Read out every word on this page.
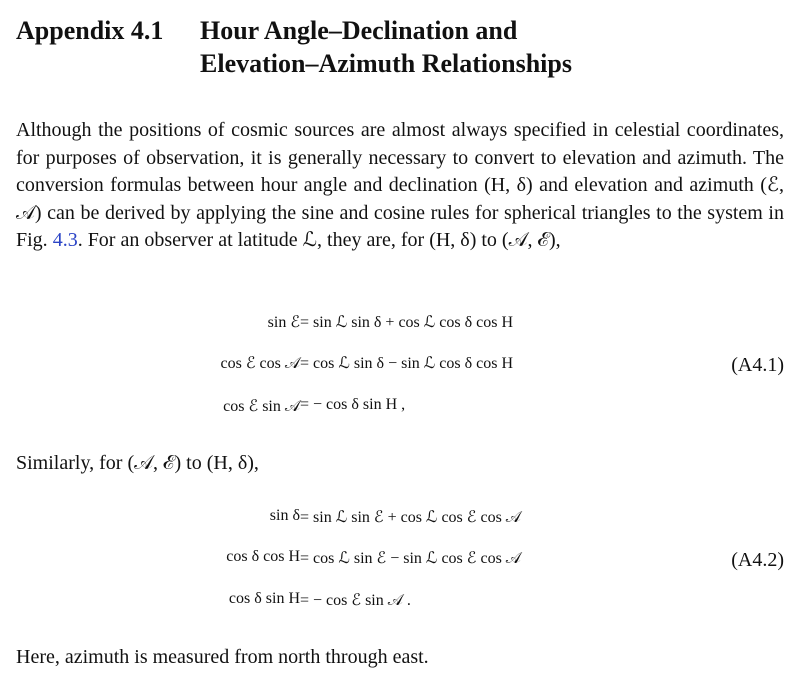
Appendix 4.1 Hour Angle–Declination and
Elevation–Azimuth Relationships
Although the positions of cosmic sources are almost always specified in celestial coordinates, for purposes of observation, it is generally necessary to convert to elevation and azimuth. The conversion formulas between hour angle and declination (H, δ) and elevation and azimuth (ℰ, 𝒜) can be derived by applying the sine and cosine rules for spherical triangles to the system in Fig. 4.3. For an observer at latitude ℒ, they are, for (H, δ) to (𝒜, ℰ),
sin ℰ = sin ℒ sin δ + cos ℒ cos δ cos H
cos ℰ cos 𝒜 = cos ℒ sin δ − sin ℒ cos δ cos H
cos ℰ sin 𝒜 = − cos δ sin H ,
(A4.1)
Similarly, for (𝒜, ℰ) to (H, δ),
sin δ = sin ℒ sin ℰ + cos ℒ cos ℰ cos 𝒜
cos δ cos H = cos ℒ sin ℰ − sin ℒ cos ℰ cos 𝒜
cos δ sin H = − cos ℰ sin 𝒜 .
(A4.2)
Here, azimuth is measured from north through east.
